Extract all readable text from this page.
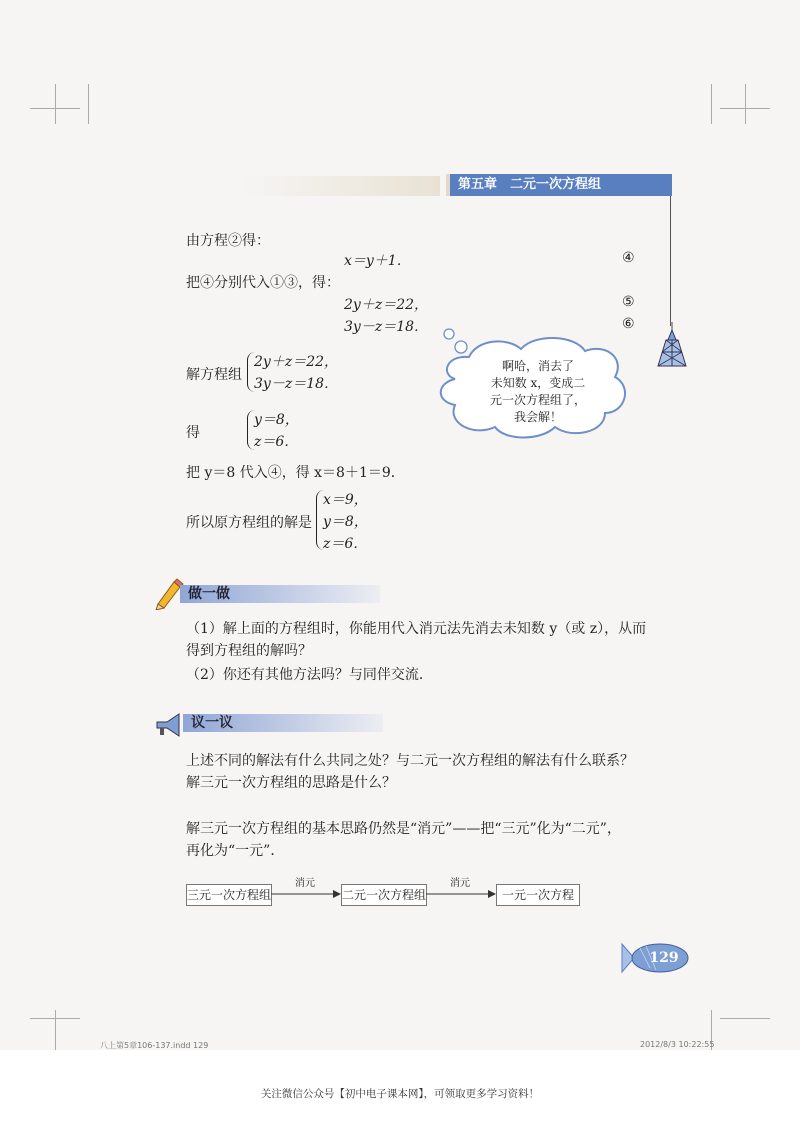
第五章　二元一次方程组
由方程②得：
x＝y＋1．	④
把④分别代入①③，得：
2y＋z＝22，	⑤
3y－z＝18．	⑥
解方程组
2y＋z＝22，
3y－z＝18．
得
y＝8，
z＝6．
把 y＝8 代入④，得 x＝8＋1＝9．
所以原方程组的解是
x＝9，
y＝8，
z＝6．
啊哈，消去了
未知数 x，变成二
元一次方程组了，
我会解！
做一做
（1）解上面的方程组时，你能用代入消元法先消去未知数 y（或 z），从而
得到方程组的解吗？
（2）你还有其他方法吗？与同伴交流．
议一议
上述不同的解法有什么共同之处？与二元一次方程组的解法有什么联系？
解三元一次方程组的思路是什么？
解三元一次方程组的基本思路仍然是“消元”——把“三元”化为“二元”，
再化为“一元”．
三元一次方程组
消元
二元一次方程组
消元
一元一次方程
129
八上第5章106-137.indd 129	2012/8/3 10:22:55
关注微信公众号【初中电子课本网】，可领取更多学习资料！
